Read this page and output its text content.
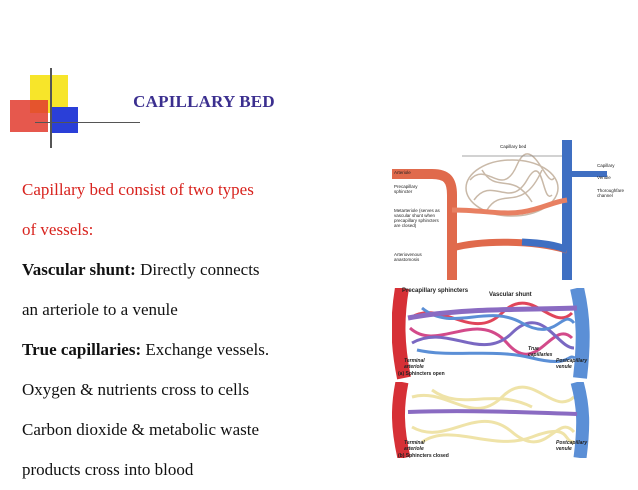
CAPILLARY BED

Capillary bed consist of two types

of vessels:

Vascular shunt: Directly connects

an arteriole to a venule

True capillaries: Exchange vessels.

Oxygen & nutrients cross to cells

Carbon dioxide & metabolic waste

products cross into blood

Capillary bed
Arteriole
Precapillary
sphincter
Metarteriole (serves as
vascular shunt when
precapillary sphincters
are closed)
Arteriovenous
anastomosis
Capillary
Venule
Thoroughfare
channel
Precapillary sphincters
Vascular shunt
True
capillaries
Terminal
arteriole
Postcapillary
venule
(a) Sphincters open
Terminal
arteriole
Postcapillary
venule
(b) Sphincters closed
